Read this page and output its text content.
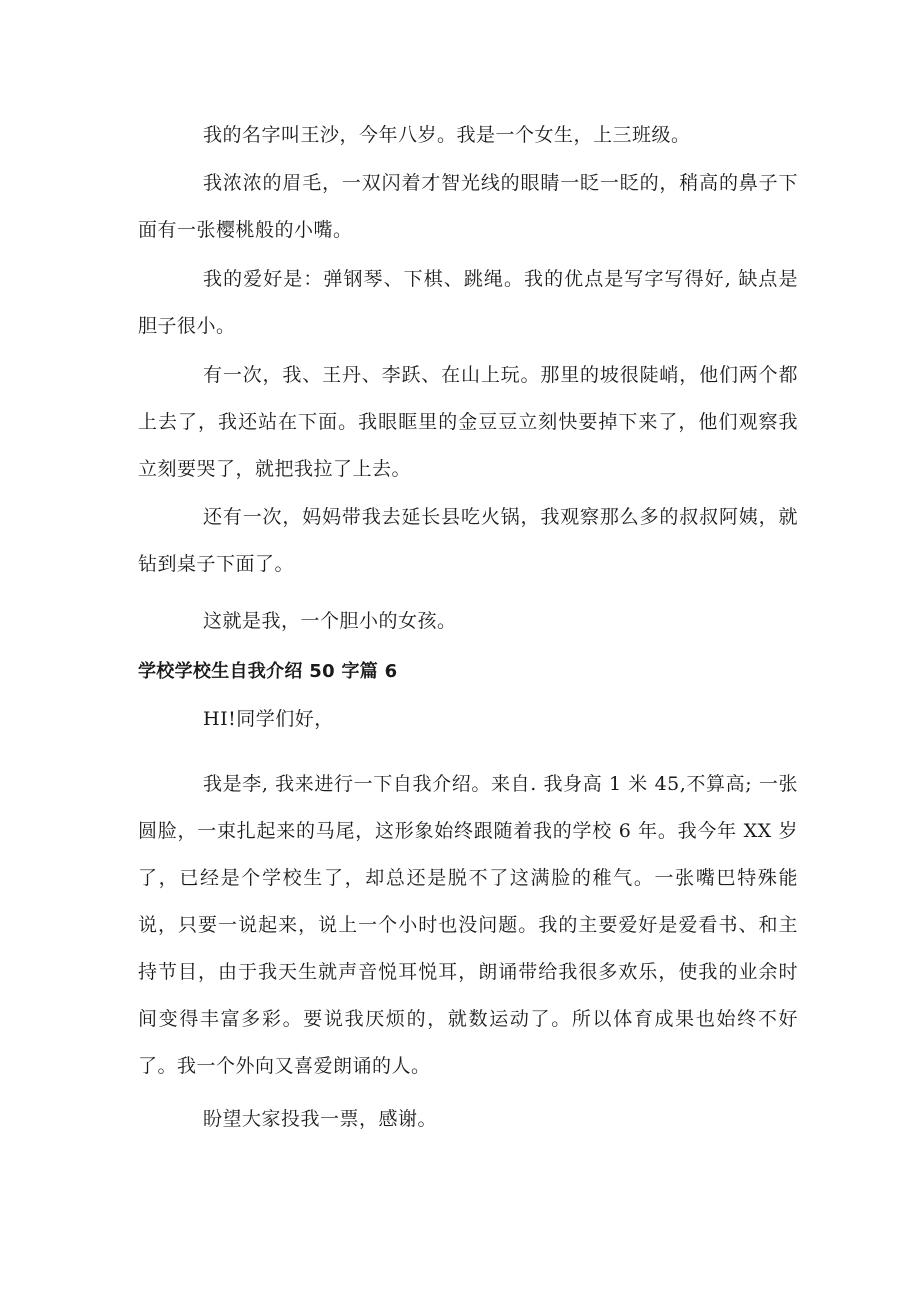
我的名字叫王沙，今年八岁。我是一个女生，上三班级。

我浓浓的眉毛，一双闪着才智光线的眼睛一眨一眨的，稍高的鼻子下面有一张樱桃般的小嘴。

我的爱好是：弹钢琴、下棋、跳绳。我的优点是写字写得好, 缺点是胆子很小。

有一次，我、王丹、李跃、在山上玩。那里的坡很陡峭，他们两个都上去了，我还站在下面。我眼眶里的金豆豆立刻快要掉下来了，他们观察我立刻要哭了，就把我拉了上去。

还有一次，妈妈带我去延长县吃火锅，我观察那么多的叔叔阿姨，就钻到桌子下面了。

这就是我，一个胆小的女孩。

学校学校生自我介绍 50 字篇 6

HI!同学们好，

我是李, 我来进行一下自我介绍。来自. 我身高 1 米 45,不算高; 一张圆脸，一束扎起来的马尾，这形象始终跟随着我的学校 6 年。我今年 XX 岁了，已经是个学校生了，却总还是脱不了这满脸的稚气。一张嘴巴特殊能说，只要一说起来，说上一个小时也没问题。我的主要爱好是爱看书、和主持节目，由于我天生就声音悦耳悦耳，朗诵带给我很多欢乐，使我的业余时间变得丰富多彩。要说我厌烦的，就数运动了。所以体育成果也始终不好了。我一个外向又喜爱朗诵的人。

盼望大家投我一票，感谢。
